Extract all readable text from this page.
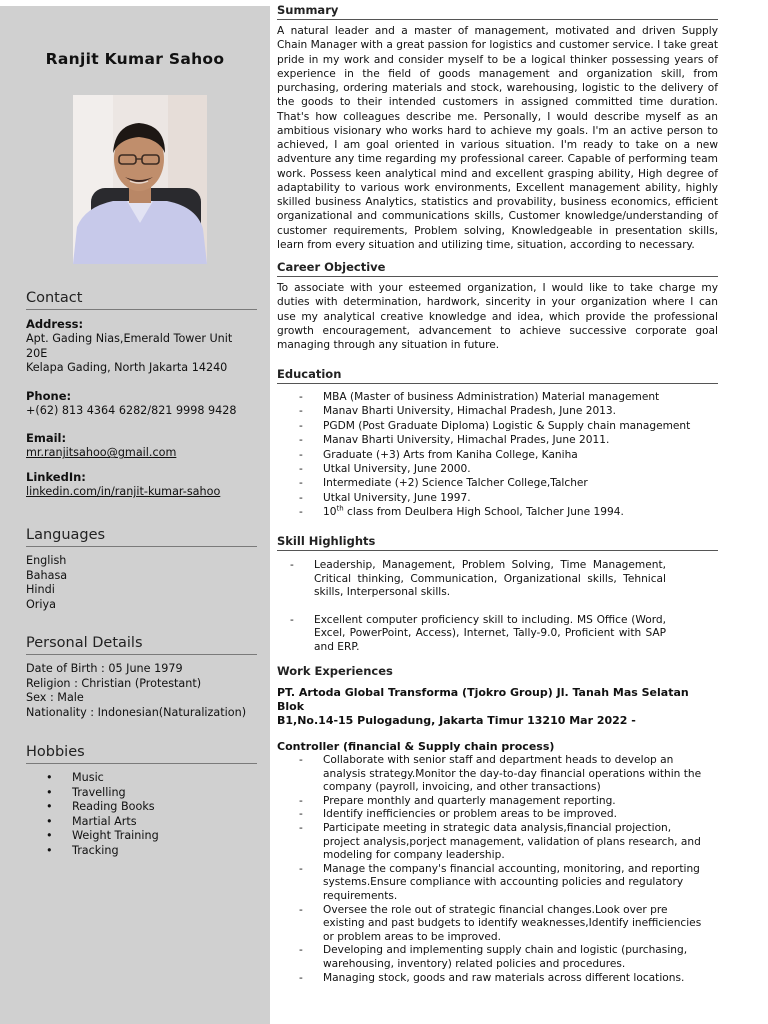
Ranjit Kumar Sahoo
Contact
Address:
Apt. Gading Nias,Emerald Tower Unit
20E
Kelapa Gading, North Jakarta 14240
Phone:
+(62) 813 4364 6282/821 9998 9428
Email:
mr.ranjitsahoo@gmail.com
LinkedIn:
linkedin.com/in/ranjit-kumar-sahoo
Languages
English
Bahasa
Hindi
Oriya
Personal Details
Date of Birth : 05 June 1979
Religion : Christian (Protestant)
Sex : Male
Nationality : Indonesian(Naturalization)
Hobbies
• Music
• Travelling
• Reading Books
• Martial Arts
• Weight Training
• Tracking
Summary
A natural leader and a master of management, motivated and driven Supply Chain Manager with a great passion for logistics and customer service. I take great pride in my work and consider myself to be a logical thinker possessing years of experience in the field of goods management and organization skill, from purchasing, ordering materials and stock, warehousing, logistic to the delivery of the goods to their intended customers in assigned committed time duration. That's how colleagues describe me. Personally, I would describe myself as an ambitious visionary who works hard to achieve my goals. I'm an active person to achieved, I am goal oriented in various situation. I'm ready to take on a new adventure any time regarding my professional career. Capable of performing team work. Possess keen analytical mind and excellent grasping ability, High degree of adaptability to various work environments, Excellent management ability, highly skilled business Analytics, statistics and provability, business economics, efficient organizational and communications skills, Customer knowledge/understanding of customer requirements, Problem solving, Knowledgeable in presentation skills, learn from every situation and utilizing time, situation, according to necessary.
Career Objective
To associate with your esteemed organization, I would like to take charge my duties with determination, hardwork, sincerity in your organization where I can use my analytical creative knowledge and idea, which provide the professional growth encouragement, advancement to achieve successive corporate goal managing through any situation in future.
Education
- MBA (Master of business Administration) Material management
- Manav Bharti University, Himachal Pradesh, June 2013.
- PGDM (Post Graduate Diploma) Logistic & Supply chain management
- Manav Bharti University, Himachal Prades, June 2011.
- Graduate (+3) Arts from Kaniha College, Kaniha
- Utkal University, June 2000.
- Intermediate (+2) Science Talcher College,Talcher
- Utkal University, June 1997.
- 10th class from Deulbera High School, Talcher June 1994.
Skill Highlights
- Leadership, Management, Problem Solving, Time Management, Critical thinking, Communication, Organizational skills, Tehnical skills, Interpersonal skills.
- Excellent computer proficiency skill to including. MS Office (Word, Excel, PowerPoint, Access), Internet, Tally-9.0, Proficient with SAP and ERP.
Work Experiences
PT. Artoda Global Transforma (Tjokro Group) Jl. Tanah Mas Selatan Blok
B1,No.14-15 Pulogadung, Jakarta Timur 13210 Mar 2022 -
Controller (financial & Supply chain process)
- Collaborate with senior staff and department heads to develop an analysis strategy.Monitor the day-to-day financial operations within the company (payroll, invoicing, and other transactions)
- Prepare monthly and quarterly management reporting.
- Identify inefficiencies or problem areas to be improved.
- Participate meeting in strategic data analysis,financial projection, project analysis,porject management, validation of plans research, and modeling for company leadership.
- Manage the company's financial accounting, monitoring, and reporting systems.Ensure compliance with accounting policies and regulatory requirements.
- Oversee the role out of strategic financial changes.Look over pre existing and past budgets to identify weaknesses,Identify inefficiencies or problem areas to be improved.
- Developing and implementing supply chain and logistic (purchasing, warehousing, inventory) related policies and procedures.
- Managing stock, goods and raw materials across different locations.
